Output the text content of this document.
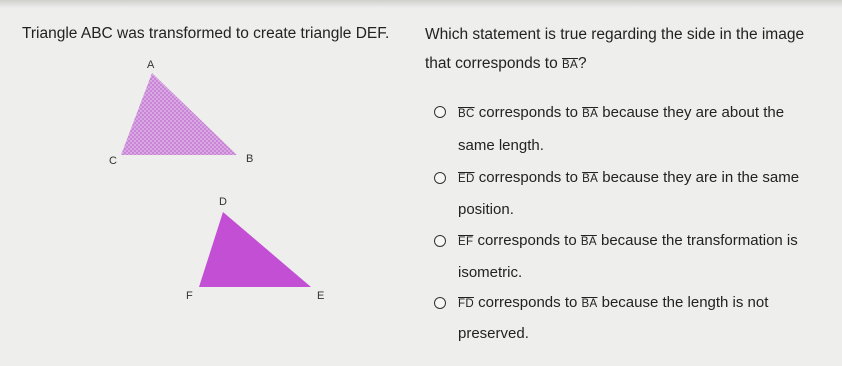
Triangle ABC was transformed to create triangle DEF.
A
B
C
D
E
F
Which statement is true regarding the side in the image
that corresponds to $\overline{BA}$?
$\overline{BC}$ corresponds to $\overline{BA}$ because they are about the
same length.
$\overline{ED}$ corresponds to $\overline{BA}$ because they are in the same
position.
$\overline{EF}$ corresponds to $\overline{BA}$ because the transformation is
isometric.
$\overline{FD}$ corresponds to $\overline{BA}$ because the length is not
preserved.
